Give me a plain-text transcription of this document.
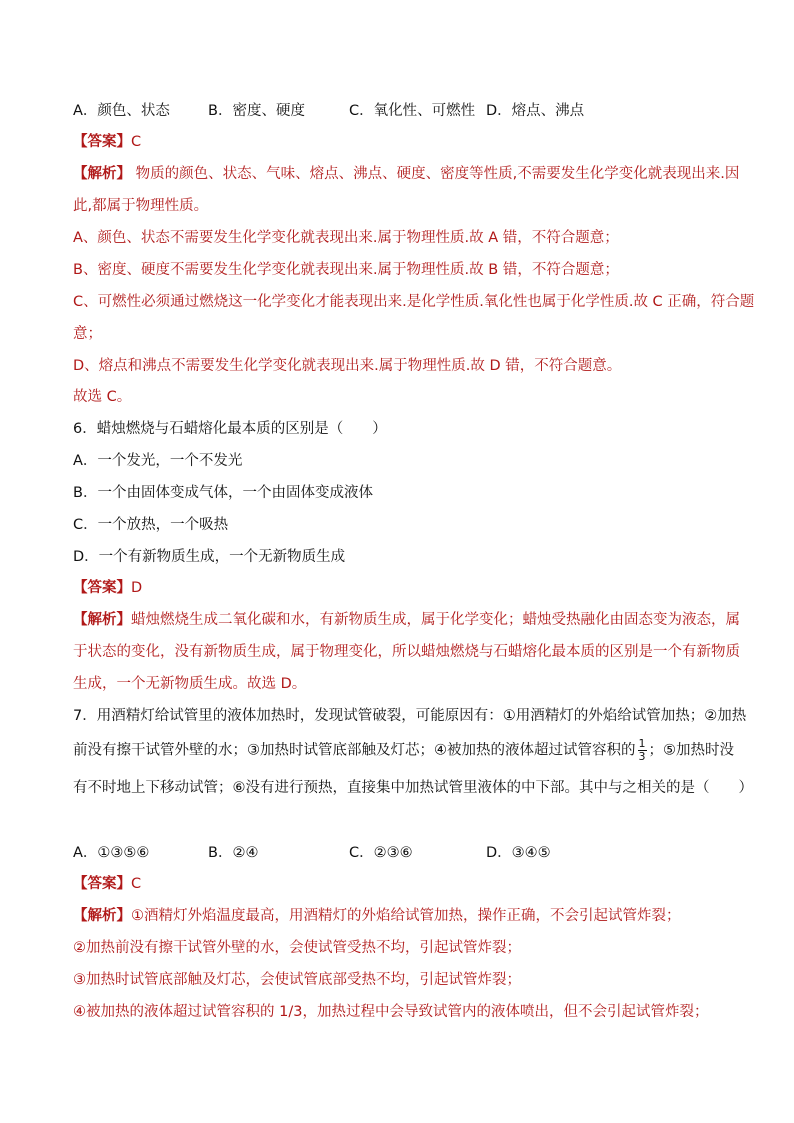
A．颜色、状态	B．密度、硬度	C．氧化性、可燃性 D．熔点、沸点
【答案】C
【解析】 物质的颜色、状态、气味、熔点、沸点、硬度、密度等性质,不需要发生化学变化就表现出来.因
此,都属于物理性质。
A、颜色、状态不需要发生化学变化就表现出来.属于物理性质.故 A 错，不符合题意；
B、密度、硬度不需要发生化学变化就表现出来.属于物理性质.故 B 错，不符合题意；
C、可燃性必须通过燃烧这一化学变化才能表现出来.是化学性质.氧化性也属于化学性质.故 C 正确，符合题
意；
D、熔点和沸点不需要发生化学变化就表现出来.属于物理性质.故 D 错，不符合题意。
故选 C。
6．蜡烛燃烧与石蜡熔化最本质的区别是（　　）
A．一个发光，一个不发光
B．一个由固体变成气体，一个由固体变成液体
C．一个放热，一个吸热
D．一个有新物质生成，一个无新物质生成
【答案】D
【解析】蜡烛燃烧生成二氧化碳和水，有新物质生成，属于化学变化；蜡烛受热融化由固态变为液态，属
于状态的变化，没有新物质生成，属于物理变化，所以蜡烛燃烧与石蜡熔化最本质的区别是一个有新物质
生成，一个无新物质生成。故选 D。
7．用酒精灯给试管里的液体加热时，发现试管破裂，可能原因有：①用酒精灯的外焰给试管加热；②加热
前没有擦干试管外壁的水；③加热时试管底部触及灯芯；④被加热的液体超过试管容积的 $\frac{1}{3}$ ；⑤加热时没
有不时地上下移动试管；⑥没有进行预热，直接集中加热试管里液体的中下部。其中与之相关的是（　　）
A．①③⑤⑥	B．②④	C．②③⑥	D．③④⑤
【答案】C
【解析】①酒精灯外焰温度最高，用酒精灯的外焰给试管加热，操作正确，不会引起试管炸裂；
②加热前没有擦干试管外壁的水，会使试管受热不均，引起试管炸裂；
③加热时试管底部触及灯芯，会使试管底部受热不均，引起试管炸裂；
④被加热的液体超过试管容积的 1/3，加热过程中会导致试管内的液体喷出，但不会引起试管炸裂；
